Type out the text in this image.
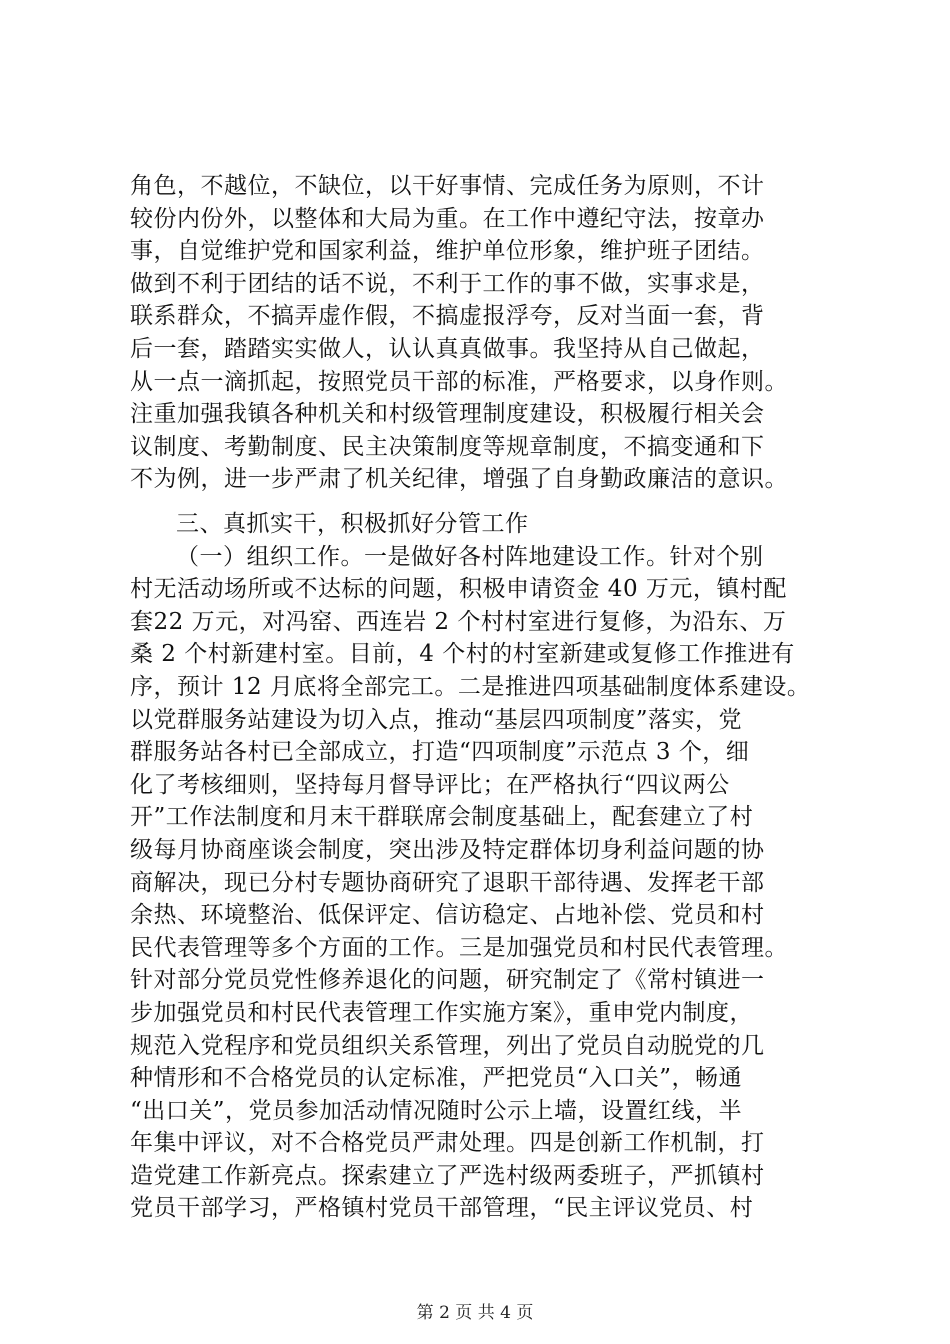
角色，不越位，不缺位，以干好事情、完成任务为原则，不计
较份内份外，以整体和大局为重。在工作中遵纪守法，按章办
事，自觉维护党和国家利益，维护单位形象，维护班子团结。
做到不利于团结的话不说，不利于工作的事不做，实事求是，
联系群众，不搞弄虚作假，不搞虚报浮夸，反对当面一套，背
后一套，踏踏实实做人，认认真真做事。我坚持从自己做起，
从一点一滴抓起，按照党员干部的标准，严格要求，以身作则。
注重加强我镇各种机关和村级管理制度建设，积极履行相关会
议制度、考勤制度、民主决策制度等规章制度，不搞变通和下
不为例，进一步严肃了机关纪律，增强了自身勤政廉洁的意识。
三、真抓实干，积极抓好分管工作
（一）组织工作。一是做好各村阵地建设工作。针对个别
村无活动场所或不达标的问题，积极申请资金 40 万元，镇村配
套22 万元，对冯窑、西连岩 2 个村村室进行复修，为沿东、万
桑 2 个村新建村室。目前，4 个村的村室新建或复修工作推进有
序，预计 12 月底将全部完工。二是推进四项基础制度体系建设。
以党群服务站建设为切入点，推动“基层四项制度”落实，党
群服务站各村已全部成立，打造“四项制度”示范点 3 个，细
化了考核细则，坚持每月督导评比；在严格执行“四议两公
开”工作法制度和月末干群联席会制度基础上，配套建立了村
级每月协商座谈会制度，突出涉及特定群体切身利益问题的协
商解决，现已分村专题协商研究了退职干部待遇、发挥老干部
余热、环境整治、低保评定、信访稳定、占地补偿、党员和村
民代表管理等多个方面的工作。三是加强党员和村民代表管理。
针对部分党员党性修养退化的问题，研究制定了《常村镇进一
步加强党员和村民代表管理工作实施方案》，重申党内制度，
规范入党程序和党员组织关系管理，列出了党员自动脱党的几
种情形和不合格党员的认定标准，严把党员“入口关”，畅通
“出口关”，党员参加活动情况随时公示上墙，设置红线，半
年集中评议，对不合格党员严肃处理。四是创新工作机制，打
造党建工作新亮点。探索建立了严选村级两委班子，严抓镇村
党员干部学习，严格镇村党员干部管理，“民主评议党员、村
第 2 页 共 4 页
